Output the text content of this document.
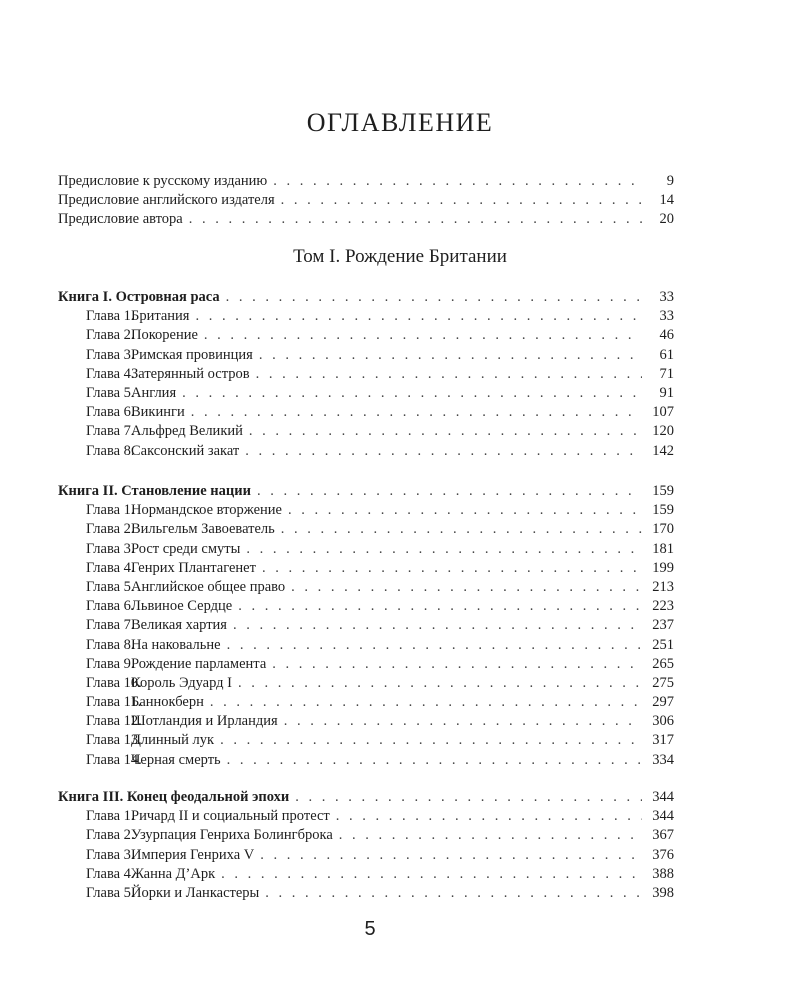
ОГЛАВЛЕНИЕ
Предисловие к русскому изданию . . .	9
Предисловие английского издателя . . .	14
Предисловие автора . . .	20
Том I. Рождение Британии
Книга I. Островная раса . . .	33
Глава 1.Британия . . .	33
Глава 2.Покорение . . .	46
Глава 3.Римская провинция . . .	61
Глава 4.Затерянный остров . . .	71
Глава 5.Англия . . .	91
Глава 6.Викинги . . .	107
Глава 7.Альфред Великий . . .	120
Глава 8.Саксонский закат . . .	142
Книга II. Становление нации . . .	159
Глава 1.Нормандское вторжение . . .	159
Глава 2.Вильгельм Завоеватель . . .	170
Глава 3.Рост среди смуты . . .	181
Глава 4.Генрих Плантагенет . . .	199
Глава 5.Английское общее право . . .	213
Глава 6.Львиное Сердце . . .	223
Глава 7.Великая хартия . . .	237
Глава 8.На наковальне . . .	251
Глава 9.Рождение парламента . . .	265
Глава 10.Король Эдуард I . . .	275
Глава 11.Баннокберн . . .	297
Глава 12.Шотландия и Ирландия . . .	306
Глава 13.Длинный лук . . .	317
Глава 14.Черная смерть . . .	334
Книга III. Конец феодальной эпохи . . .	344
Глава 1.Ричард II и социальный протест . . .	344
Глава 2.Узурпация Генриха Болингброка . . .	367
Глава 3.Империя Генриха V . . .	376
Глава 4.Жанна Д’Арк . . .	388
Глава 5.Йорки и Ланкастеры . . .	398
5
